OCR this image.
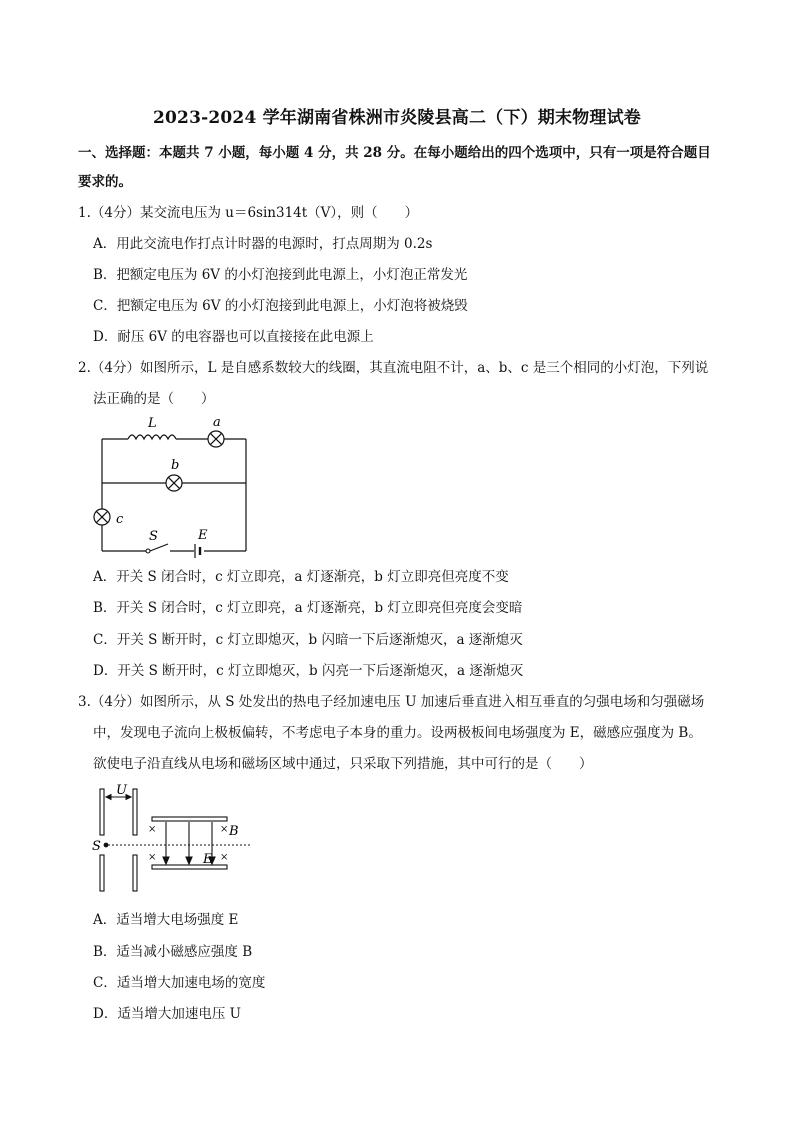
2023-2024 学年湖南省株洲市炎陵县高二（下）期末物理试卷
一、选择题：本题共 7 小题，每小题 4 分，共 28 分。在每小题给出的四个选项中，只有一项是符合题目
要求的。
1.（4分）某交流电压为 u＝6sin314t（V），则（　　）
A．用此交流电作打点计时器的电源时，打点周期为 0.2s
B．把额定电压为 6V 的小灯泡接到此电源上，小灯泡正常发光
C．把额定电压为 6V 的小灯泡接到此电源上，小灯泡将被烧毁
D．耐压 6V 的电容器也可以直接接在此电源上
2.（4分）如图所示，L 是自感系数较大的线圈，其直流电阻不计，a、b、c 是三个相同的小灯泡，下列说
法正确的是（　　）
L	a
b
c
S	E
A．开关 S 闭合时，c 灯立即亮，a 灯逐渐亮，b 灯立即亮但亮度不变
B．开关 S 闭合时，c 灯立即亮，a 灯逐渐亮，b 灯立即亮但亮度会变暗
C．开关 S 断开时，c 灯立即熄灭，b 闪暗一下后逐渐熄灭，a 逐渐熄灭
D．开关 S 断开时，c 灯立即熄灭，b 闪亮一下后逐渐熄灭，a 逐渐熄灭
3.（4分）如图所示，从 S 处发出的热电子经加速电压 U 加速后垂直进入相互垂直的匀强电场和匀强磁场
中，发现电子流向上极板偏转，不考虑电子本身的重力。设两极板间电场强度为 E，磁感应强度为 B。
欲使电子沿直线从电场和磁场区域中通过，只采取下列措施，其中可行的是（　　）
×	×
×	×
U
S
B
E
A．适当增大电场强度 E
B．适当减小磁感应强度 B
C．适当增大加速电场的宽度
D．适当增大加速电压 U
